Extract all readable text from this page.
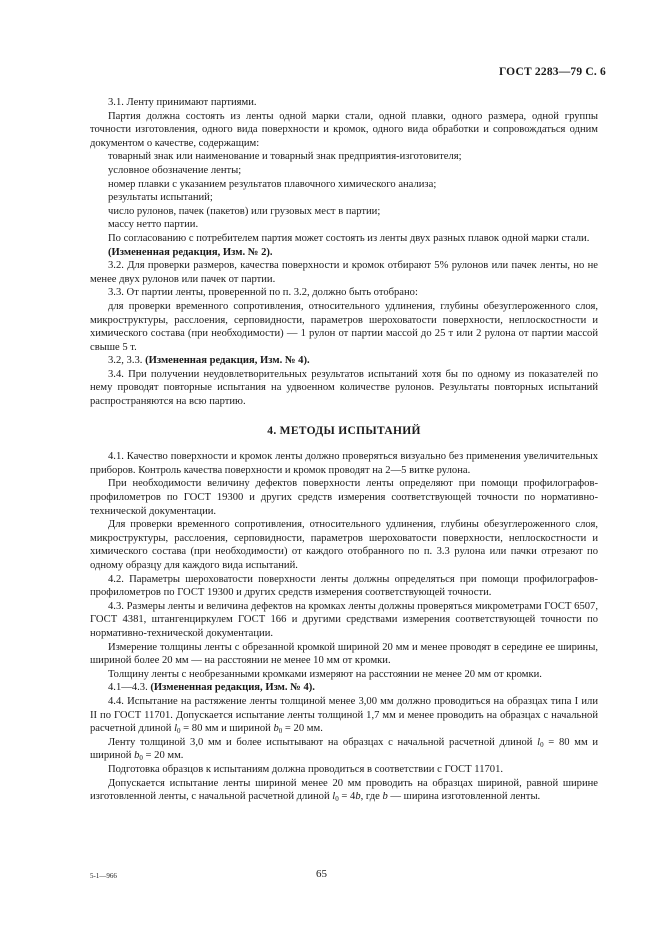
ГОСТ 2283—79 С. 6

3.1. Ленту принимают партиями.

Партия должна состоять из ленты одной марки стали, одной плавки, одного размера, одной группы точности изготовления, одного вида поверхности и кромок, одного вида обработки и сопровождаться одним документом о качестве, содержащим:

товарный знак или наименование и товарный знак предприятия-изготовителя;

условное обозначение ленты;

номер плавки с указанием результатов плавочного химического анализа;

результаты испытаний;

число рулонов, пачек (пакетов) или грузовых мест в партии;

массу нетто партии.

По согласованию с потребителем партия может состоять из ленты двух разных плавок одной марки стали.

(Измененная редакция, Изм. № 2).

3.2. Для проверки размеров, качества поверхности и кромок отбирают 5% рулонов или пачек ленты, но не менее двух рулонов или пачек от партии.

3.3. От партии ленты, проверенной по п. 3.2, должно быть отобрано:

для проверки временного сопротивления, относительного удлинения, глубины обезуглероженного слоя, микроструктуры, расслоения, серповидности, параметров шероховатости поверхности, неплоскостности и химического состава (при необходимости) — 1 рулон от партии массой до 25 т или 2 рулона от партии массой свыше 5 т.

3.2, 3.3. (Измененная редакция, Изм. № 4).

3.4. При получении неудовлетворительных результатов испытаний хотя бы по одному из показателей по нему проводят повторные испытания на удвоенном количестве рулонов. Результаты повторных испытаний распространяются на всю партию.

4. МЕТОДЫ ИСПЫТАНИЙ

4.1. Качество поверхности и кромок ленты должно проверяться визуально без применения увеличительных приборов. Контроль качества поверхности и кромок проводят на 2—5 витке рулона.

При необходимости величину дефектов поверхности ленты определяют при помощи профилографов-профилометров по ГОСТ 19300 и других средств измерения соответствующей точности по нормативно-технической документации.

Для проверки временного сопротивления, относительного удлинения, глубины обезуглероженного слоя, микроструктуры, расслоения, серповидности, параметров шероховатости поверхности, неплоскостности и химического состава (при необходимости) от каждого отобранного по п. 3.3 рулона или пачки отрезают по одному образцу для каждого вида испытаний.

4.2. Параметры шероховатости поверхности ленты должны определяться при помощи профилографов-профилометров по ГОСТ 19300 и других средств измерения соответствующей точности.

4.3. Размеры ленты и величина дефектов на кромках ленты должны проверяться микрометрами ГОСТ 6507, ГОСТ 4381, штангенциркулем ГОСТ 166 и другими средствами измерения соответствующей точности по нормативно-технической документации.

Измерение толщины ленты с обрезанной кромкой шириной 20 мм и менее проводят в середине ее ширины, шириной более 20 мм — на расстоянии не менее 10 мм от кромки.

Толщину ленты с необрезанными кромками измеряют на расстоянии не менее 20 мм от кромки.

4.1—4.3. (Измененная редакция, Изм. № 4).

4.4. Испытание на растяжение ленты толщиной менее 3,00 мм должно проводиться на образцах типа I или II по ГОСТ 11701. Допускается испытание ленты толщиной 1,7 мм и менее проводить на образцах с начальной расчетной длиной $l_0 = 80$ мм и шириной $b_0 = 20$ мм.

Ленту толщиной 3,0 мм и более испытывают на образцах с начальной расчетной длиной $l_0 = 80$ мм и шириной $b_0 = 20$ мм.

Подготовка образцов к испытаниям должна проводиться в соответствии с ГОСТ 11701.

Допускается испытание ленты шириной менее 20 мм проводить на образцах шириной, равной ширине изготовленной ленты, с начальной расчетной длиной $l_0 = 4b$, где b — ширина изготовленной ленты.

5-1—966	65
